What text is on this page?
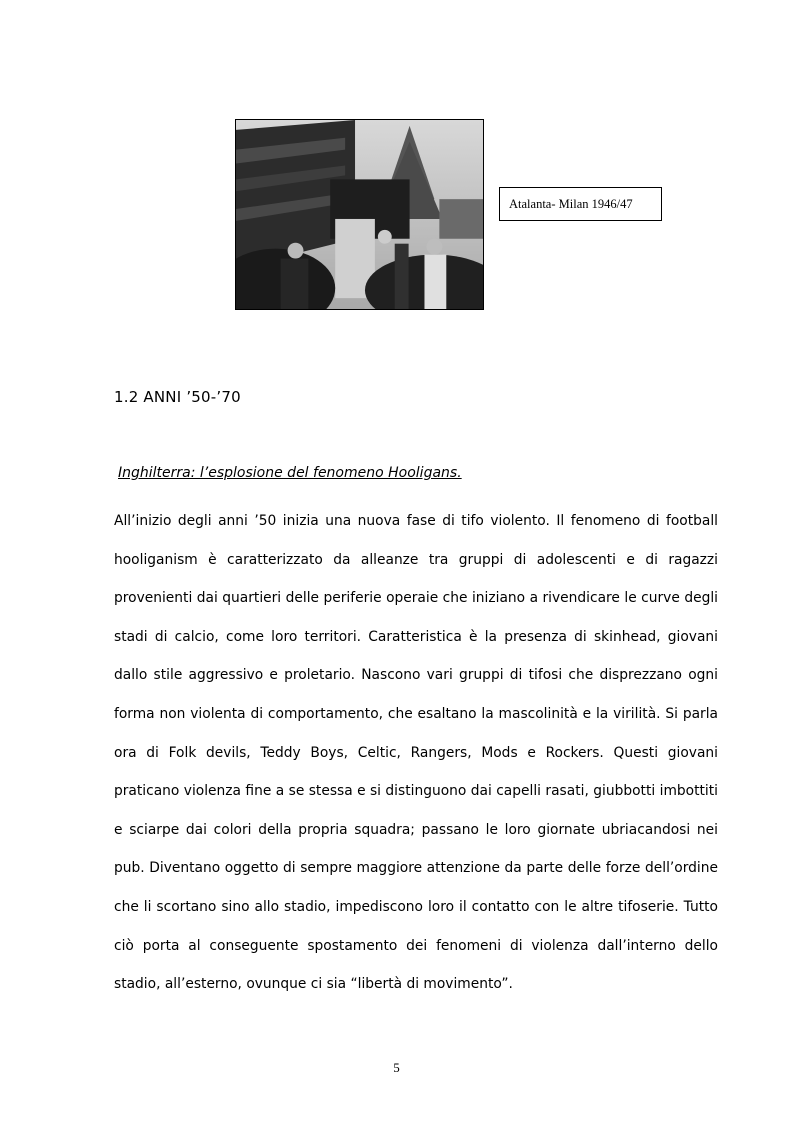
Atalanta- Milan 1946/47
1.2 ANNI ’50-’70
Inghilterra: l’esplosione del fenomeno Hooligans.

All’inizio degli anni ’50 inizia una nuova fase di tifo violento. Il fenomeno di football hooliganism è caratterizzato da alleanze tra gruppi di adolescenti e di ragazzi provenienti dai quartieri delle periferie operaie che iniziano a rivendicare le curve degli stadi di calcio, come loro territori. Caratteristica è la presenza di skinhead, giovani dallo stile aggressivo e proletario. Nascono vari gruppi di tifosi che disprezzano ogni forma non violenta di comportamento, che esaltano la mascolinità e la virilità. Si parla ora di Folk devils, Teddy Boys, Celtic, Rangers, Mods e Rockers. Questi giovani praticano violenza fine a se stessa e si distinguono dai capelli rasati, giubbotti imbottiti e sciarpe dai colori della propria squadra; passano le loro giornate ubriacandosi nei pub. Diventano oggetto di sempre maggiore attenzione da parte delle forze dell’ordine che li scortano sino allo stadio, impediscono loro il contatto con le altre tifoserie. Tutto ciò porta al conseguente spostamento dei fenomeni di violenza dall’interno dello stadio, all’esterno, ovunque ci sia “libertà di movimento”.

5
